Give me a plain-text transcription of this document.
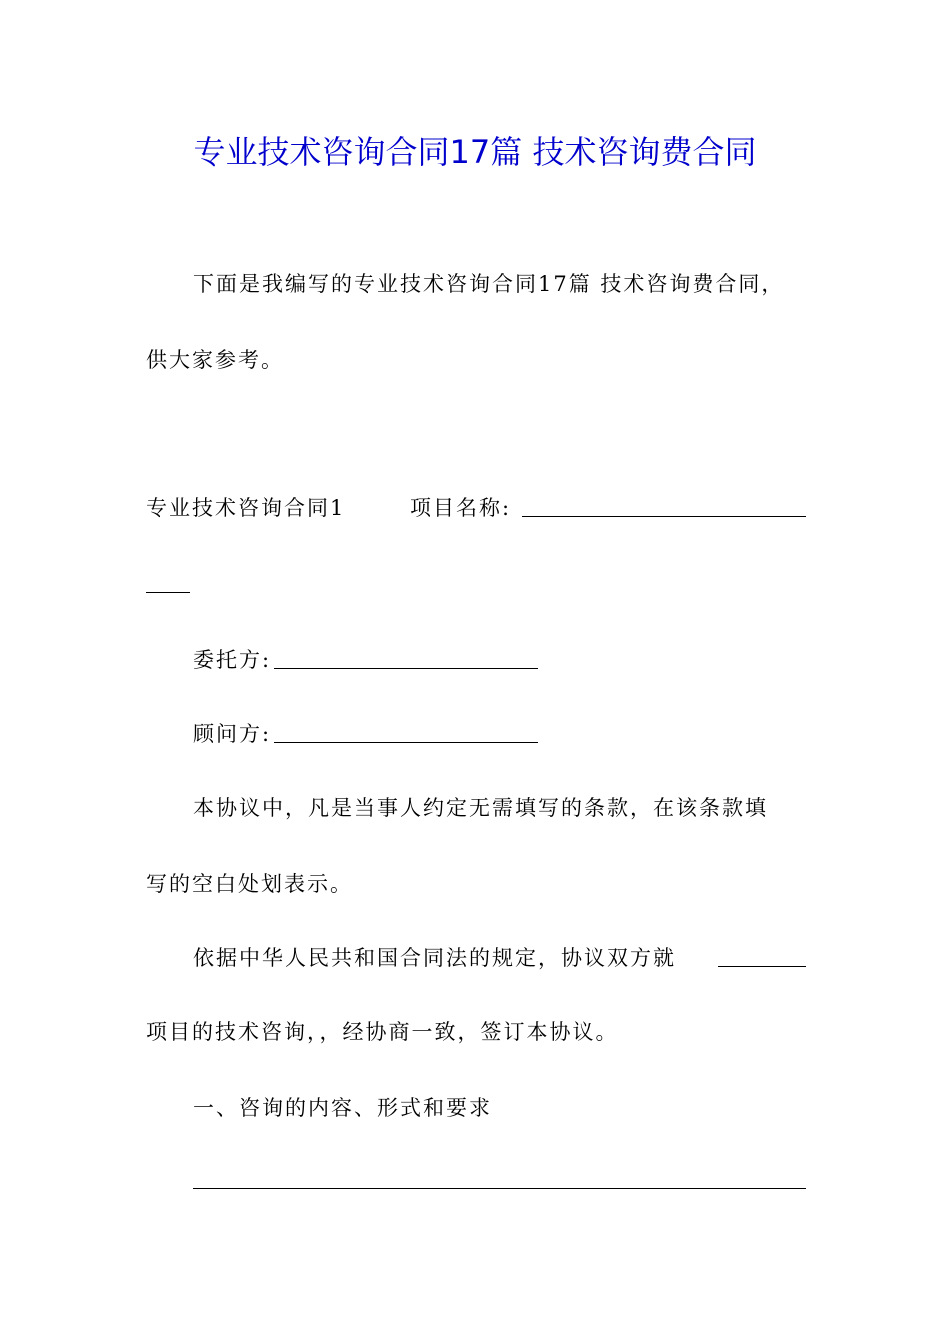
专业技术咨询合同17篇 技术咨询费合同
下面是我编写的专业技术咨询合同17篇 技术咨询费合同，
供大家参考。
专业技术咨询合同1	项目名称:
委托方:
顾问方:
本协议中，凡是当事人约定无需填写的条款，在该条款填
写的空白处划表示。
依据中华人民共和国合同法的规定，协议双方就
项目的技术咨询，，经协商一致，签订本协议。
一、咨询的内容、形式和要求
